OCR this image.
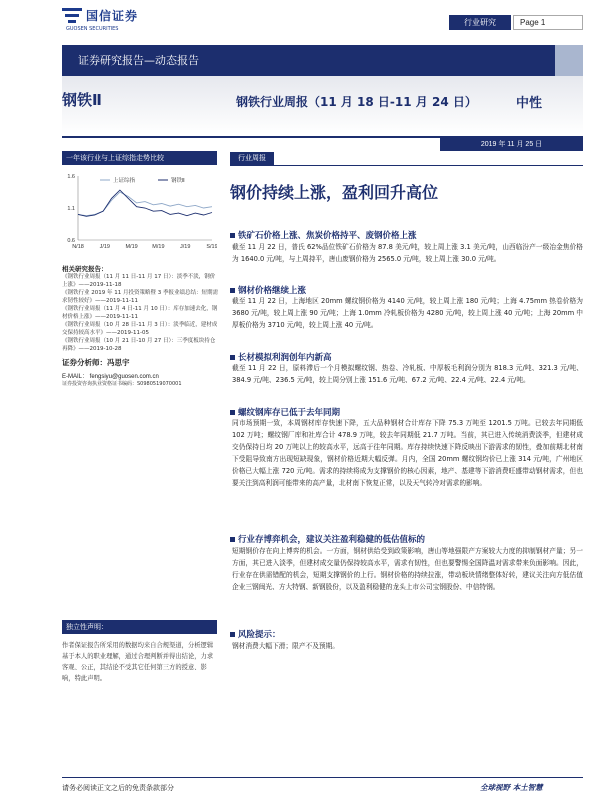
国信证券
GUOSEN SECURITIES
行业研究	Page 1
证券研究报告—动态报告
钢铁Ⅱ	钢铁行业周报（11 月 18 日-11 月 24 日）	中性
2019 年 11 月 25 日
一年该行业与上证综指走势比较
0.6
1.1
1.6
N/18	J/19	M/19	M/19	J/19	S/19
上证综指	钢铁Ⅱ
相关研究报告：
《钢铁行业周报（11 月 11 日-11 月 17 日）：淡季不淡，钢价上涨》——2019-11-18
《钢铁行业 2019 年 11 月投资策略暨 3 季报业绩总结：短期需求韧性较好》——2019-11-11
《钢铁行业周报（11 月 4 日-11 月 10 日）：库存加速去化，钢材价格上涨》——2019-11-11
《钢铁行业周报（10 月 28 日-11 月 3 日）：淡季临近，建材成交保持较高水平》——2019-11-05
《钢铁行业周报（10 月 21 日-10 月 27 日）：三季度板块持仓再降》——2019-10-28
证券分析师：冯思宇
E-MAIL： fengsiyu@guosen.com.cn
证券投资咨询执业资格证书编码：S0980519070001
独立性声明：
作者保证报告所采用的数据均来自合规渠道，分析逻辑基于本人的职业理解，通过合理判断并得出结论，力求客观、公正，其结论不受其它任何第三方的授意、影响，特此声明。
行业周报
钢价持续上涨，盈利回升高位
铁矿石价格上涨、焦炭价格持平、废钢价格上涨
截至 11 月 22 日，普氏 62%品位铁矿石价格为 87.8 美元/吨，较上周上涨 3.1 美元/吨，山西临汾产一级冶金焦价格为 1640.0 元/吨，与上周持平，唐山废钢价格为 2565.0 元/吨，较上周上涨 30.0 元/吨。
钢材价格继续上涨
截至 11 月 22 日，上海地区 20mm 螺纹钢价格为 4140 元/吨，较上周上涨 180 元/吨；上海 4.75mm 热卷价格为 3680 元/吨，较上周上涨 90 元/吨；上海 1.0mm 冷轧板价格为 4280 元/吨，较上周上涨 40 元/吨；上海 20mm 中厚板价格为 3710 元/吨，较上周上涨 40 元/吨。
长材模拟利润创年内新高
截至 11 月 22 日，原料滞后一个月模拟螺纹钢、热卷、冷轧板、中厚板毛利润分别为 818.3 元/吨、321.3 元/吨、384.9 元/吨、236.5 元/吨，较上周分别上涨 151.6 元/吨、67.2 元/吨、22.4 元/吨、22.4 元/吨。
螺纹钢库存已低于去年同期
同市场预期一致，本周钢材库存快速下降，五大品种钢材合计库存下降 75.3 万吨至 1201.5 万吨。已较去年同期低 102 万吨；螺纹钢厂库和社库合计 478.9 万吨，较去年同期低 21.7 万吨。当前，其已进入传统消费淡季，但建材成交仍保持日均 20 万吨以上的较高水平，远高于往年同期。库存持续快速下降反映出下游需求的韧性，叠加前期北材南下受阻导致南方出现短缺现象，钢材价格近期大幅反弹。月内，全国 20mm 螺纹钢均价已上涨 314 元/吨，广州地区价格已大幅上涨 720 元/吨。需求的持续将成为支撑钢价的核心因素，地产、基建等下游消费旺盛带动钢材需求，但也要关注到高利润可能带来的高产量，北材南下恢复正常，以及天气转冷对需求的影响。
行业存博弈机会，建议关注盈利稳健的低估值标的
短期钢价存在向上博弈的机会。一方面，钢材供给受到政策影响，唐山等地强限产方案较大力度的抑制钢材产量；另一方面，其已进入淡季，但建材成交量仍保持较高水平，需求有韧性，但也要警惕全国降温对需求带来负面影响。因此，行业存在供需错配的机会，短期支撑钢价的上行。钢材价格的持续拉涨，带动板块情绪整体好转，建议关注向方低估值企业三钢闽光、方大特钢、新钢股份，以及盈利稳健的龙头上市公司宝钢股份、中信特钢。
风险提示：
钢材消费大幅下滑；限产不及预期。
请务必阅读正文之后的免责条款部分	全球视野 本土智慧
